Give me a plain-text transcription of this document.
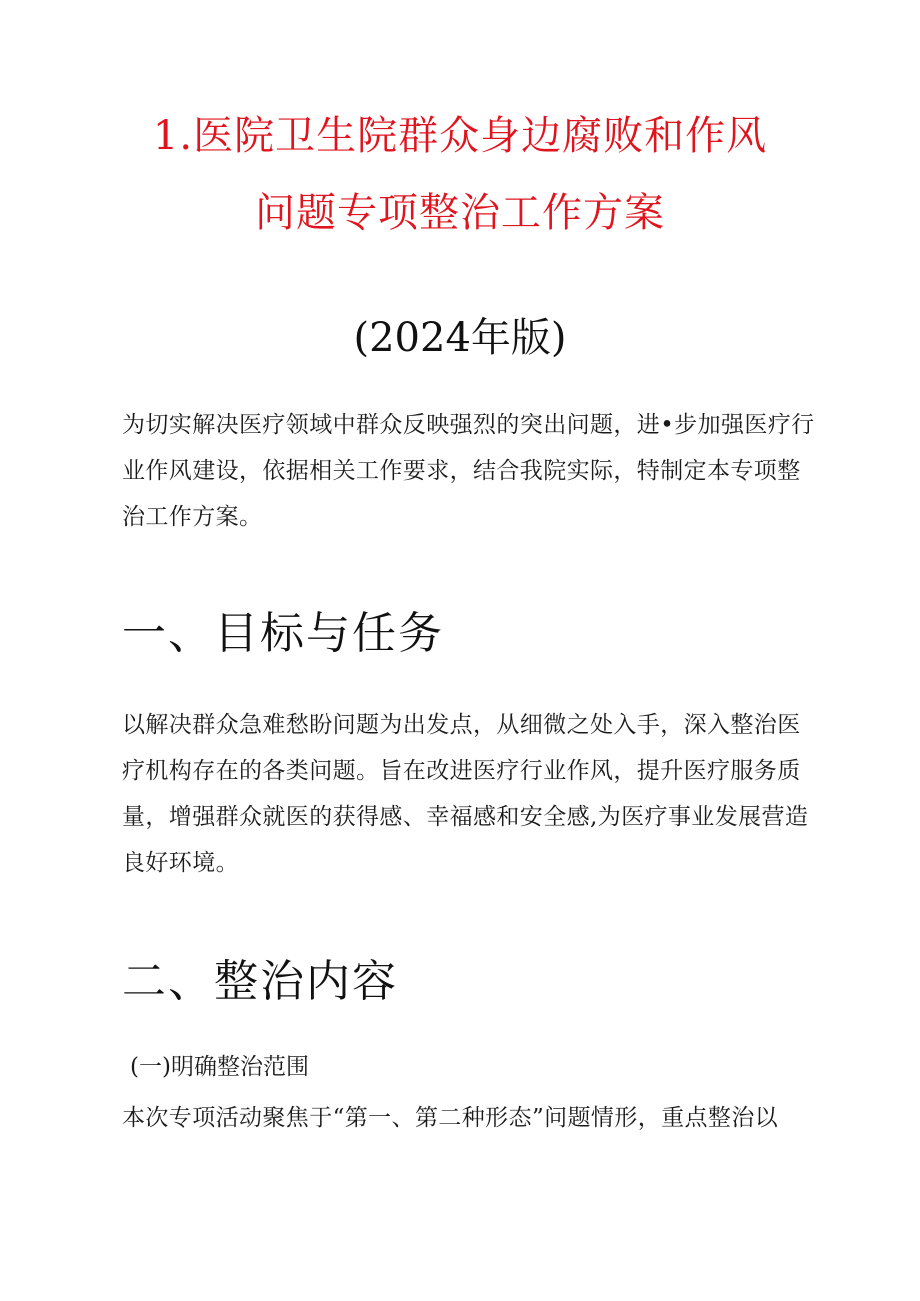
1.医院卫生院群众身边腐败和作风
问题专项整治工作方案
(2024年版)

为切实解决医疗领域中群众反映强烈的突出问题，进•步加强医疗行
业作风建设，依据相关工作要求，结合我院实际，特制定本专项整
治工作方案。

一、目标与任务

以解决群众急难愁盼问题为出发点，从细微之处入手，深入整治医
疗机构存在的各类问题。旨在改进医疗行业作风，提升医疗服务质
量，增强群众就医的获得感、幸福感和安全感,为医疗事业发展营造
良好环境。

二、整治内容
(一)明确整治范围

本次专项活动聚焦于“第一、第二种形态”问题情形，重点整治以
